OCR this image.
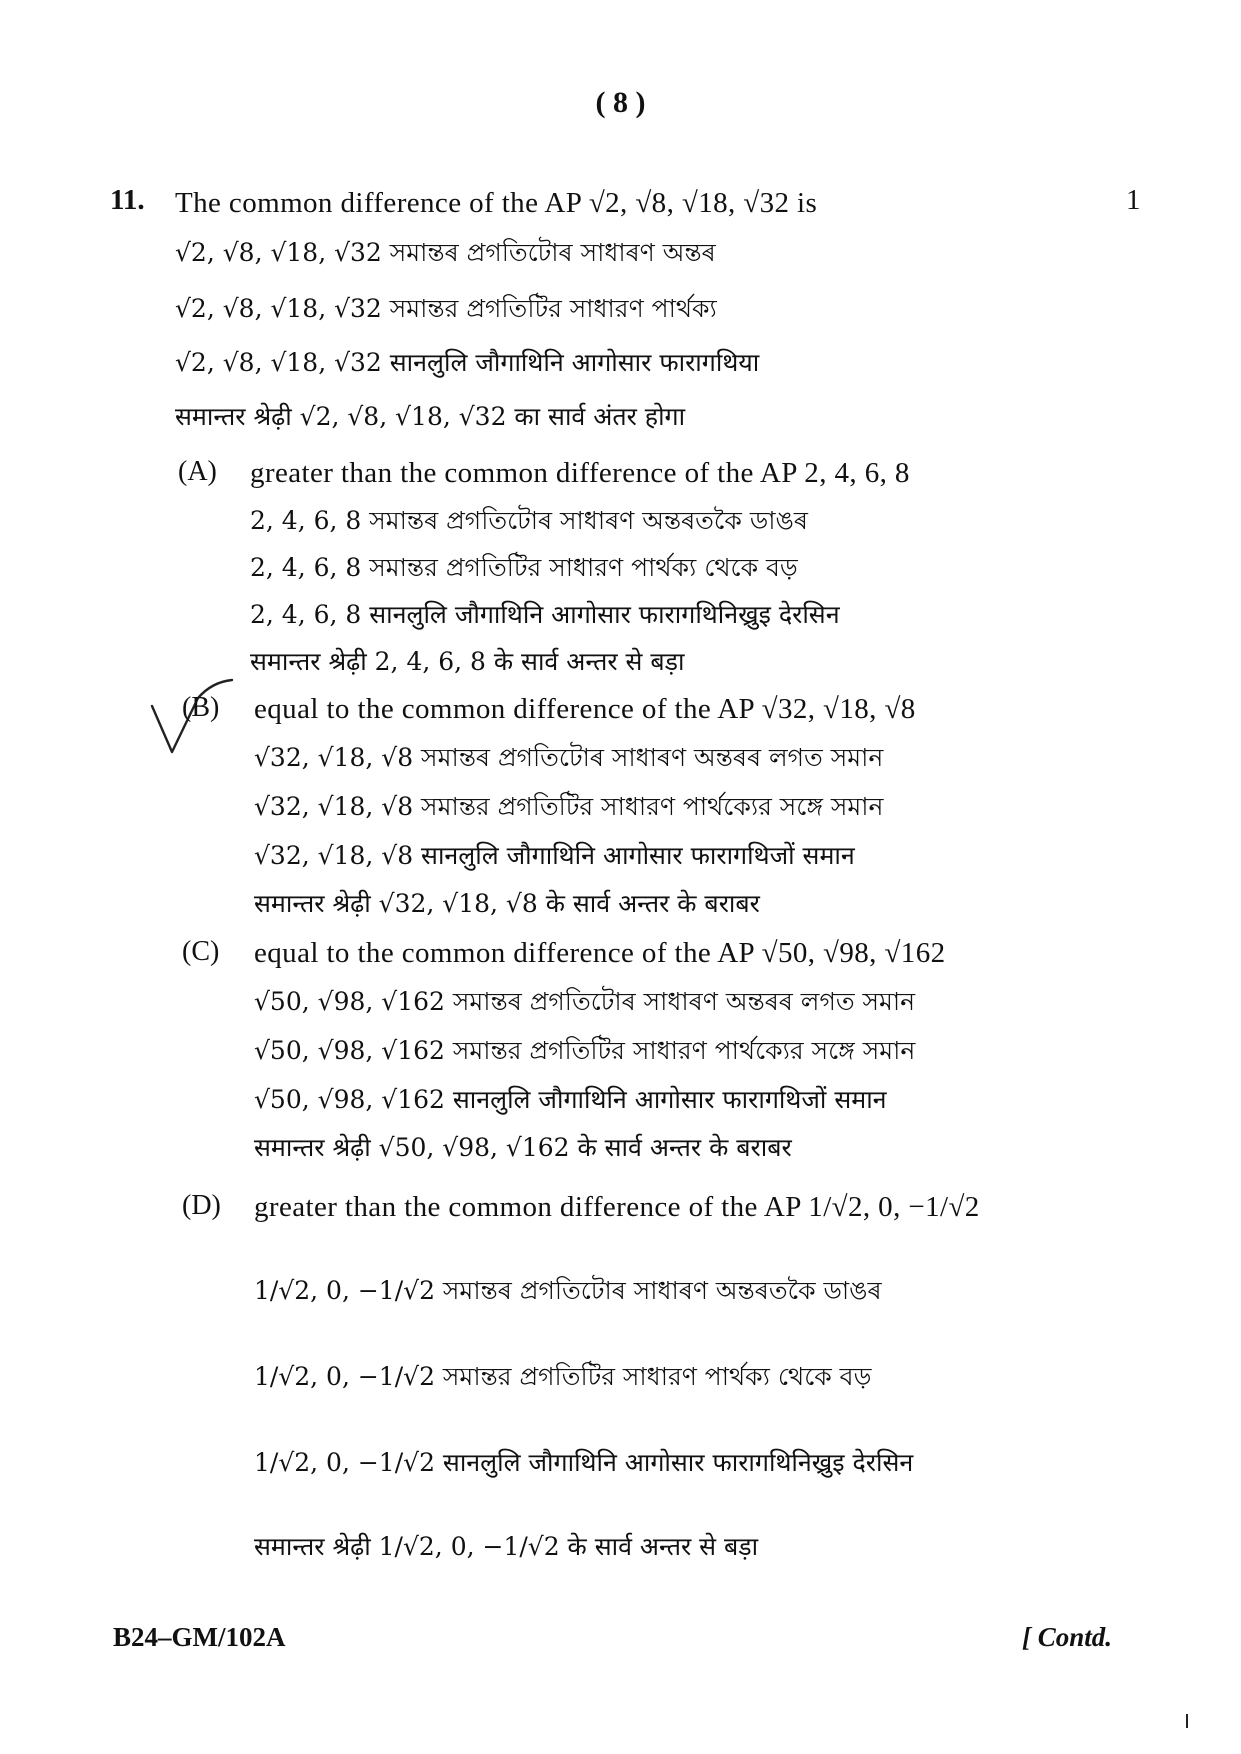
( 8 )
11.	1
The common difference of the AP √2, √8, √18, √32 is
√2, √8, √18, √32 সমান্তৰ প্ৰগতিটোৰ সাধাৰণ অন্তৰ
√2, √8, √18, √32 সমান্তর প্রগতিটির সাধারণ পার্থক্য
√2, √8, √18, √32 सानलुलि जौगाथिनि आगोसार फारागथिया
समान्तर श्रेढ़ी √2, √8, √18, √32 का सार्व अंतर होगा
(A) greater than the common difference of the AP 2, 4, 6, 8
2, 4, 6, 8 সমান্তৰ প্ৰগতিটোৰ সাধাৰণ অন্তৰতকৈ ডাঙৰ
2, 4, 6, 8 সমান্তর প্রগতিটির সাধারণ পার্থক্য থেকে বড়
2, 4, 6, 8 सानलुलि जौगाथिनि आगोसार फारागथिनिख्रुइ देरसिन
समान्तर श्रेढ़ी 2, 4, 6, 8 के सार्व अन्तर से बड़ा
(B) equal to the common difference of the AP √32, √18, √8
√32, √18, √8 সমান্তৰ প্ৰগতিটোৰ সাধাৰণ অন্তৰৰ লগত সমান
√32, √18, √8 সমান্তর প্রগতিটির সাধারণ পার্থক্যের সঙ্গে সমান
√32, √18, √8 सानलुलि जौगाथिनि आगोसार फारागथिजों समान
समान्तर श्रेढ़ी √32, √18, √8 के सार्व अन्तर के बराबर
(C) equal to the common difference of the AP √50, √98, √162
√50, √98, √162 সমান্তৰ প্ৰগতিটোৰ সাধাৰণ অন্তৰৰ লগত সমান
√50, √98, √162 সমান্তর প্রগতিটির সাধারণ পার্থক্যের সঙ্গে সমান
√50, √98, √162 सानलुलि जौगाथिनि आगोसार फारागथिजों समान
समान्तर श्रेढ़ी √50, √98, √162 के सार्व अन्तर के बराबर
(D) greater than the common difference of the AP 1/√2, 0, −1/√2
1/√2, 0, −1/√2 সমান্তৰ প্ৰগতিটোৰ সাধাৰণ অন্তৰতকৈ ডাঙৰ
1/√2, 0, −1/√2 সমান্তর প্রগতিটির সাধারণ পার্থক্য থেকে বড়
1/√2, 0, −1/√2 सानलुलि जौगाथिनि आगोसार फारागथिनिख्रुइ देरसिन
समान्तर श्रेढ़ी 1/√2, 0, −1/√2 के सार्व अन्तर से बड़ा
B24–GM/102A	[ Contd.
